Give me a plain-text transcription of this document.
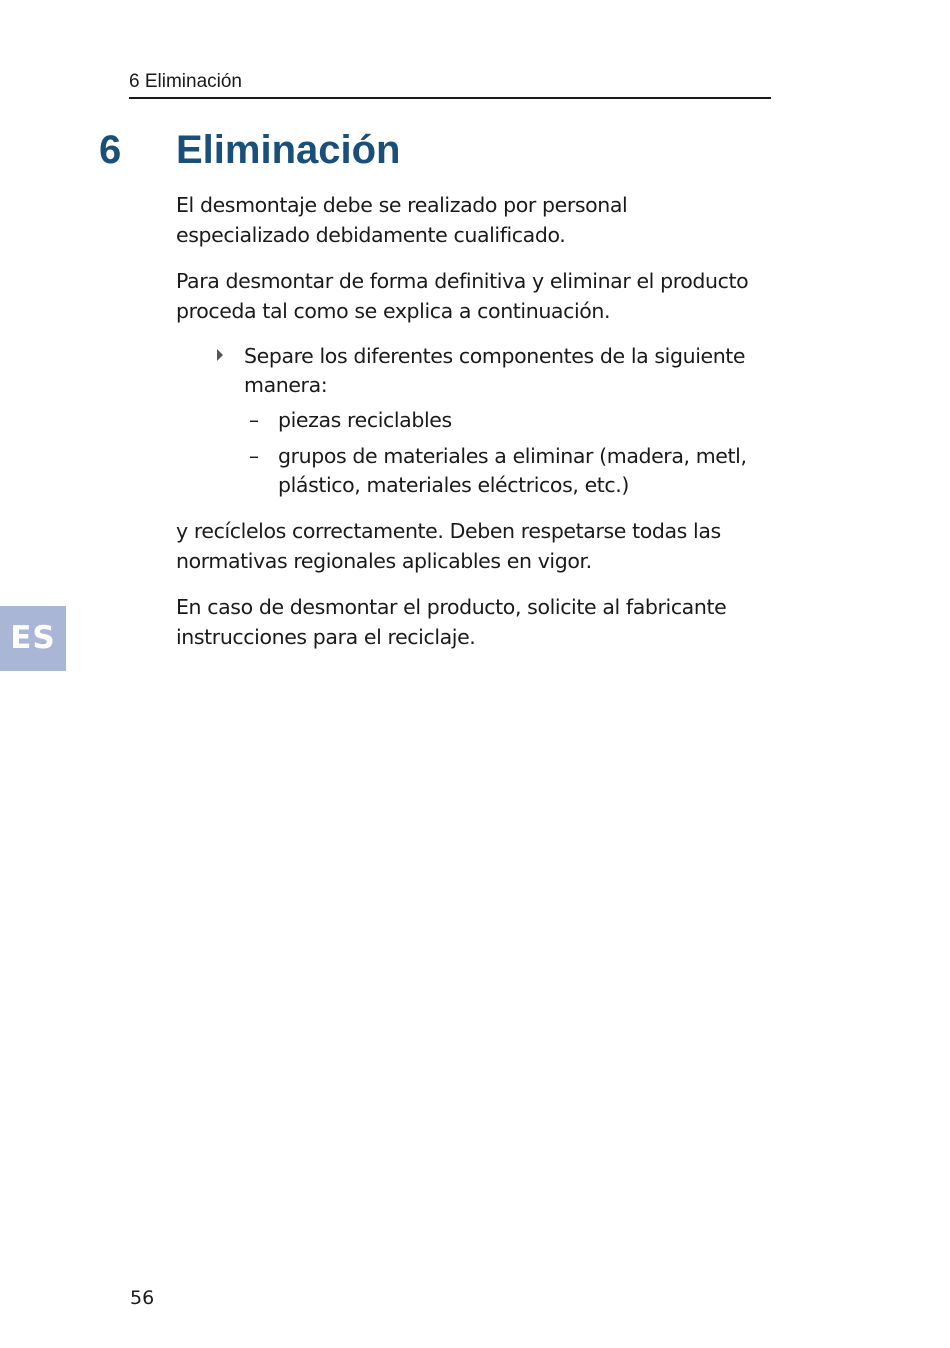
6 Eliminación
6 Eliminación

El desmontaje debe se realizado por personal especializado debidamente cualificado.

Para desmontar de forma definitiva y eliminar el producto proceda tal como se explica a continuación.

Separe los diferentes componentes de la siguiente manera:
– piezas reciclables
– grupos de materiales a eliminar (madera, metl, plástico, materiales eléctricos, etc.)

y recíclelos correctamente. Deben respetarse todas las normativas regionales aplicables en vigor.

En caso de desmontar el producto, solicite al fabricante instrucciones para el reciclaje.

ES
56
